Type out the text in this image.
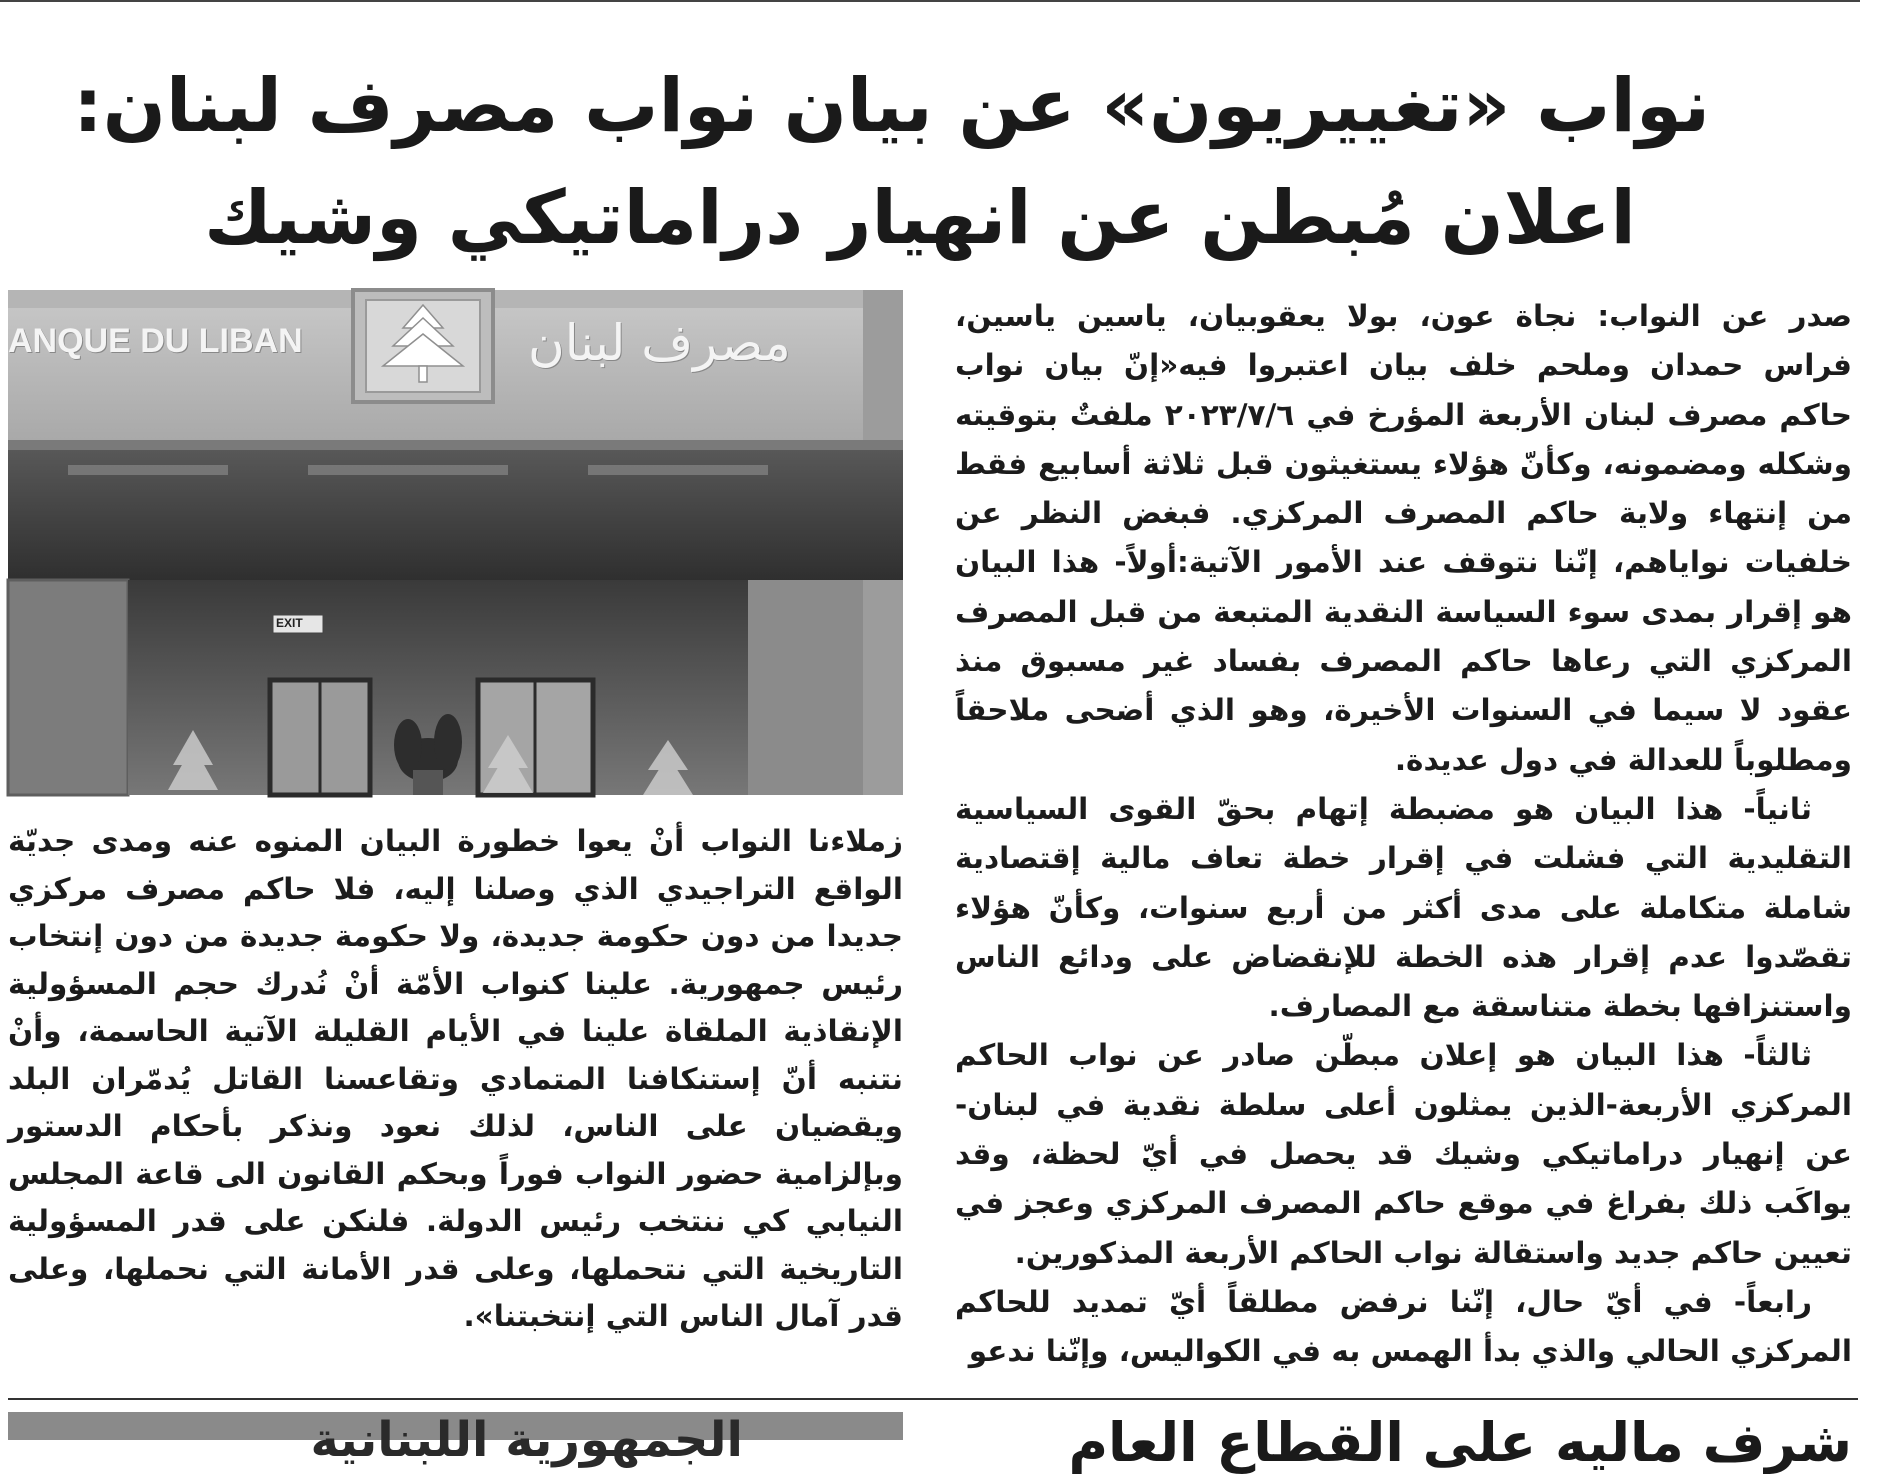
نواب «تغييريون» عن بيان نواب مصرف لبنان:
اعلان مُبطن عن انهيار دراماتيكي وشيك
ANQUE DU LIBAN	مصرف لبنان
EXIT

صدر عن النواب: نجاة عون، بولا يعقوبيان، ياسين ياسين، فراس حمدان وملحم خلف بيان اعتبروا فيه«إنّ بيان نواب حاكم مصرف لبنان الأربعة المؤرخ في ٢٠٢٣/٧/٦ ملفتٌ بتوقيته وشكله ومضمونه، وكأنّ هؤلاء يستغيثون قبل ثلاثة أسابيع فقط من إنتهاء ولاية حاكم المصرف المركزي. فبغض النظر عن خلفيات نواياهم، إنّنا نتوقف عند الأمور الآتية:أولاً- هذا البيان هو إقرار بمدى سوء السياسة النقدية المتبعة من قبل المصرف المركزي التي رعاها حاكم المصرف بفساد غير مسبوق منذ عقود لا سيما في السنوات الأخيرة، وهو الذي أضحى ملاحقاً ومطلوباً للعدالة في دول عديدة.

ثانياً- هذا البيان هو مضبطة إتهام بحقّ القوى السياسية التقليدية التي فشلت في إقرار خطة تعاف مالية إقتصادية شاملة متكاملة على مدى أكثر من أربع سنوات، وكأنّ هؤلاء تقصّدوا عدم إقرار هذه الخطة للإنقضاض على ودائع الناس واستنزافها بخطة متناسقة مع المصارف.

ثالثاً- هذا البيان هو إعلان مبطّن صادر عن نواب الحاكم المركزي الأربعة-الذين يمثلون أعلى سلطة نقدية في لبنان- عن إنهيار دراماتيكي وشيك قد يحصل في أيّ لحظة، وقد يواكَب ذلك بفراغ في موقع حاكم المصرف المركزي وعجز في تعيين حاكم جديد واستقالة نواب الحاكم الأربعة المذكورين.

رابعاً- في أيّ حال، إنّنا نرفض مطلقاً أيّ تمديد للحاكم المركزي الحالي والذي بدأ الهمس به في الكواليس، وإنّنا ندعو

زملاءنا النواب أنْ يعوا خطورة البيان المنوه عنه ومدى جديّة الواقع التراجيدي الذي وصلنا إليه، فلا حاكم مصرف مركزي جديدا من دون حكومة جديدة، ولا حكومة جديدة من دون إنتخاب رئيس جمهورية. علينا كنواب الأمّة أنْ نُدرك حجم المسؤولية الإنقاذية الملقاة علينا في الأيام القليلة الآتية الحاسمة، وأنْ نتنبه أنّ إستنكافنا المتمادي وتقاعسنا القاتل يُدمّران البلد ويقضيان على الناس، لذلك نعود ونذكر بأحكام الدستور وبإلزامية حضور النواب فوراً وبحكم القانون الى قاعة المجلس النيابي كي ننتخب رئيس الدولة. فلنكن على قدر المسؤولية التاريخية التي نتحملها، وعلى قدر الأمانة التي نحملها، وعلى قدر آمال الناس التي إنتخبتنا».

الجمهورية اللبنانية	شرف ماليه على القطاع العام
